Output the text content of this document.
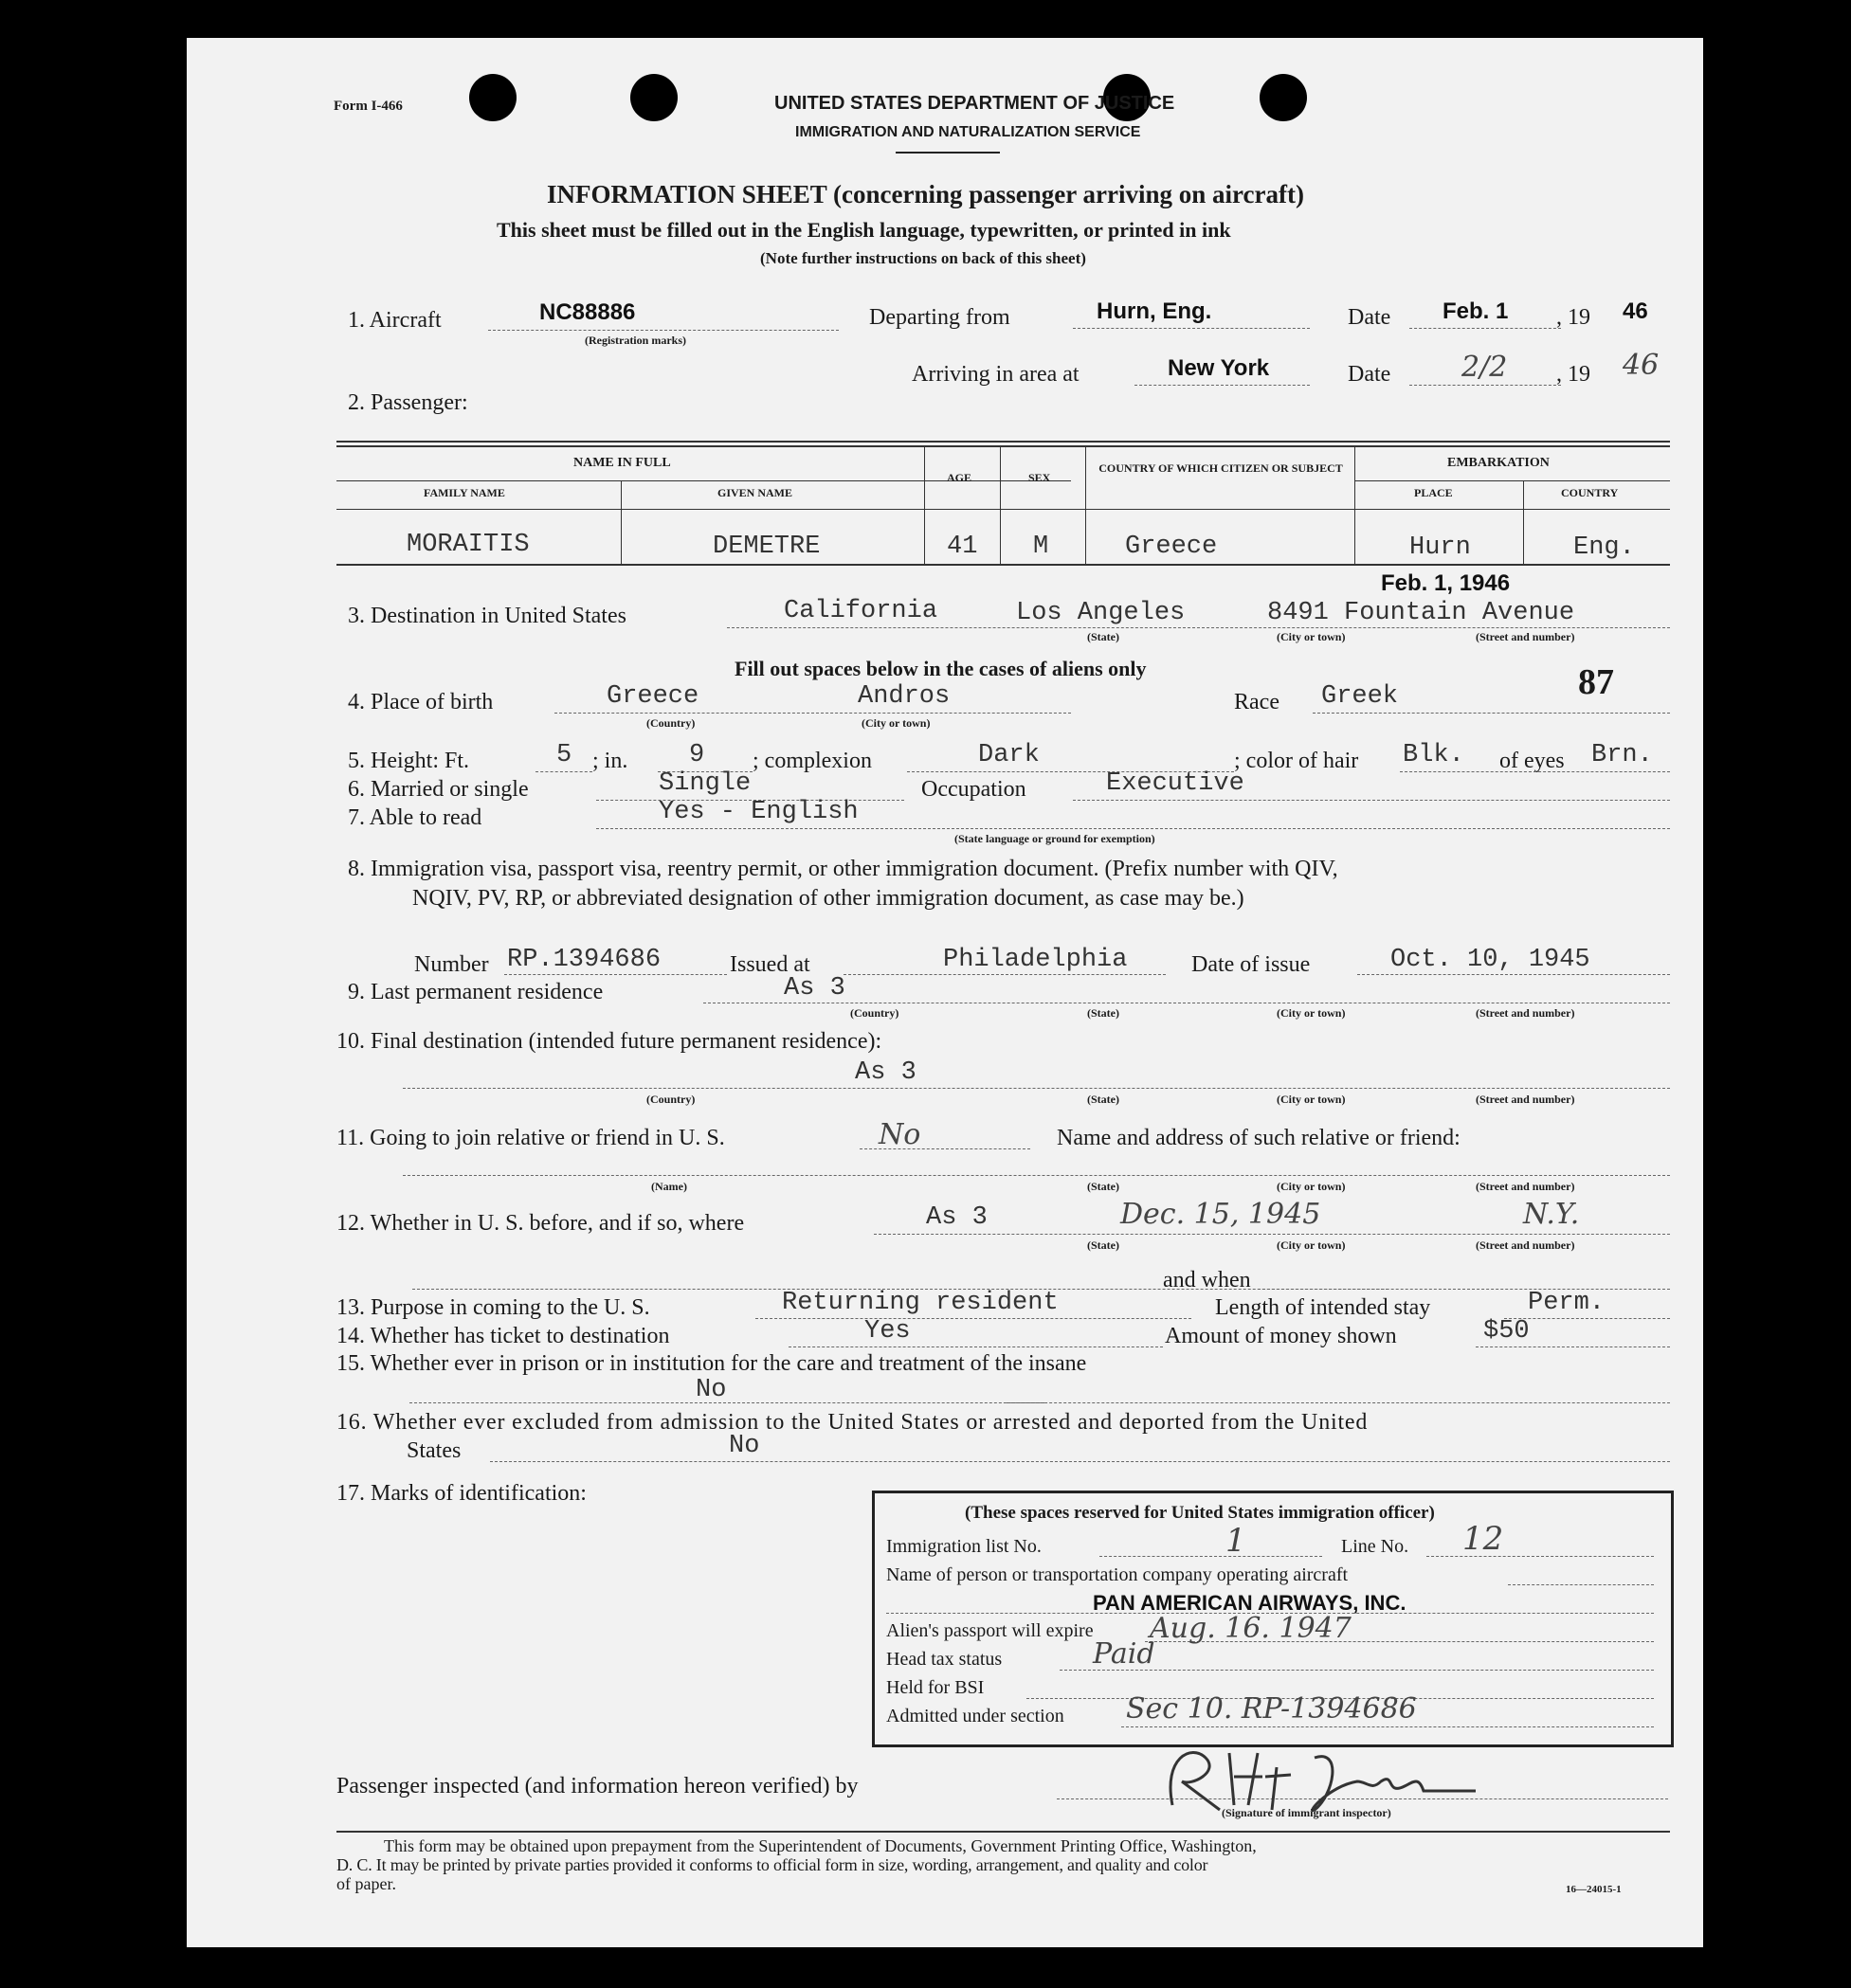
Form I-466	UNITED STATES DEPARTMENT OF JUSTICE
IMMIGRATION AND NATURALIZATION SERVICE
INFORMATION SHEET (concerning passenger arriving on aircraft)
This sheet must be filled out in the English language, typewritten, or printed in ink
(Note further instructions on back of this sheet)
1. Aircraft	NC88886
(Registration marks)
Departing from	Hurn, Eng.	Date Feb. 1 , 19 46
Arriving in area at	New York	Date 2/2 , 19 46
2. Passenger:
NAME IN FULL
FAMILY NAME	GIVEN NAME
AGE	SEX
COUNTRY OF WHICH CITIZEN OR SUBJECT	EMBARKATION
PLACE	COUNTRY
MORAITIS	DEMETRE	41 M	Greece	Hurn	Eng.
Feb. 1, 1946
3. Destination in United States	California	Los Angeles	8491 Fountain Avenue
(State)	(City or town)	(Street and number)
Fill out spaces below in the cases of aliens only	87
4. Place of birth	Greece	Andros
(Country)	(City or town)
Race Greek
5. Height: Ft.	5 ; in. 9 ; complexion	Dark	; color of hair Blk. of eyes Brn.
6. Married or single	Single	Occupation	Executive
7. Able to read	Yes - English
(State language or ground for exemption)
8. Immigration visa, passport visa, reentry permit, or other immigration document. (Prefix number with QIV,
NQIV, PV, RP, or abbreviated designation of other immigration document, as case may be.)
Number RP.1394686	Issued at	Philadelphia	Date of issue	Oct. 10, 1945
9. Last permanent residence	As 3
(Country)	(State)	(City or town)	(Street and number)
10. Final destination (intended future permanent residence):
As 3
(Country)	(State)	(City or town)	(Street and number)
11. Going to join relative or friend in U. S.	No	Name and address of such relative or friend:
(Name)	(State)	(City or town)	(Street and number)
12. Whether in U. S. before, and if so, where	As 3	Dec. 15, 1945	N.Y.
(State)	(City or town)	(Street and number)
and when
13. Purpose in coming to the U. S.	Returning resident	Length of intended stay	Perm.
14. Whether has ticket to destination	Yes	Amount of money shown	$50
15. Whether ever in prison or in institution for the care and treatment of the insane
No
16. Whether ever excluded from admission to the United States or arrested and deported from the United
States	No
17. Marks of identification:
(These spaces reserved for United States immigration officer)
Immigration list No.	1	Line No. 12
Name of person or transportation company operating aircraft
PAN AMERICAN AIRWAYS, INC.
Alien's passport will expire Aug. 16. 1947
Head tax status	Paid
Held for BSI
Admitted under section Sec 10. RP-1394686
Passenger inspected (and information hereon verified) by
(Signature of immigrant inspector)
This form may be obtained upon prepayment from the Superintendent of Documents, Government Printing Office, Washington,
D. C. It may be printed by private parties provided it conforms to official form in size, wording, arrangement, and quality and color
of paper.	16—24015-1
